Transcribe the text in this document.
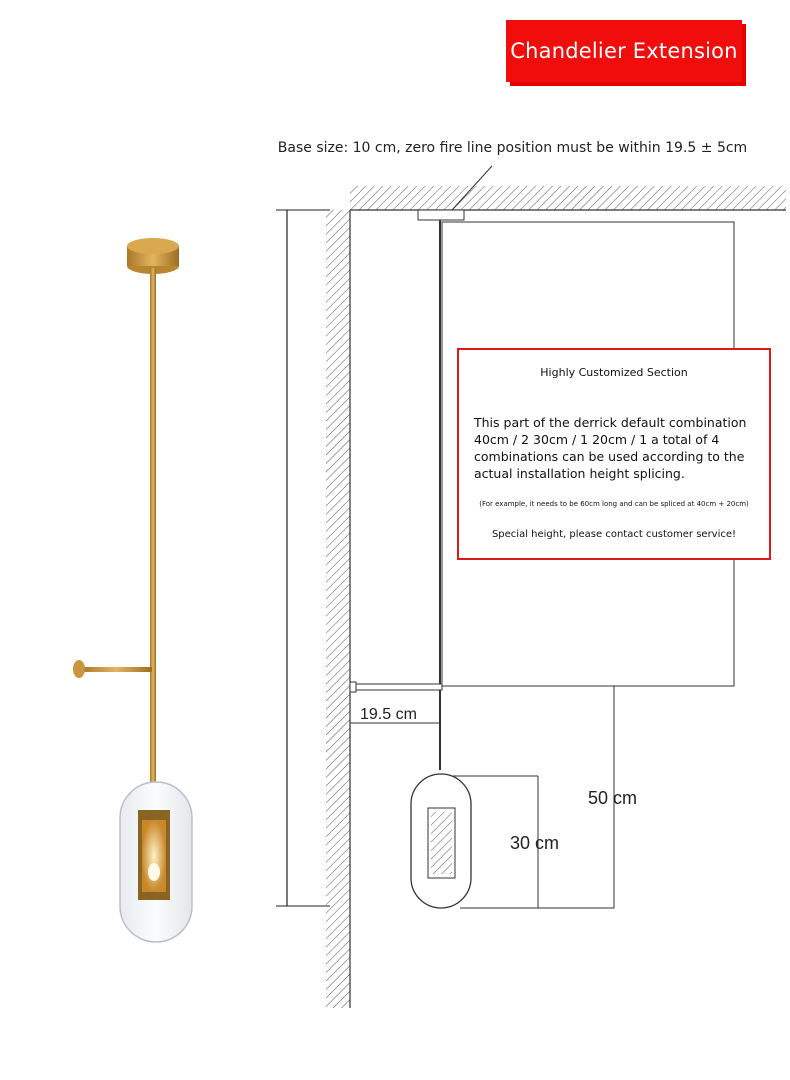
Chandelier Extension
Base size: 10 cm, zero fire line position must be within 19.5 ± 5cm
19.5 cm
50 cm
30 cm
Highly Customized Section
This part of the derrick default combination 40cm / 2 30cm / 1 20cm / 1 a total of 4 combinations can be used according to the actual installation height splicing.
(For example, it needs to be 60cm long and can be spliced at 40cm + 20cm)
Special height, please contact customer service!
